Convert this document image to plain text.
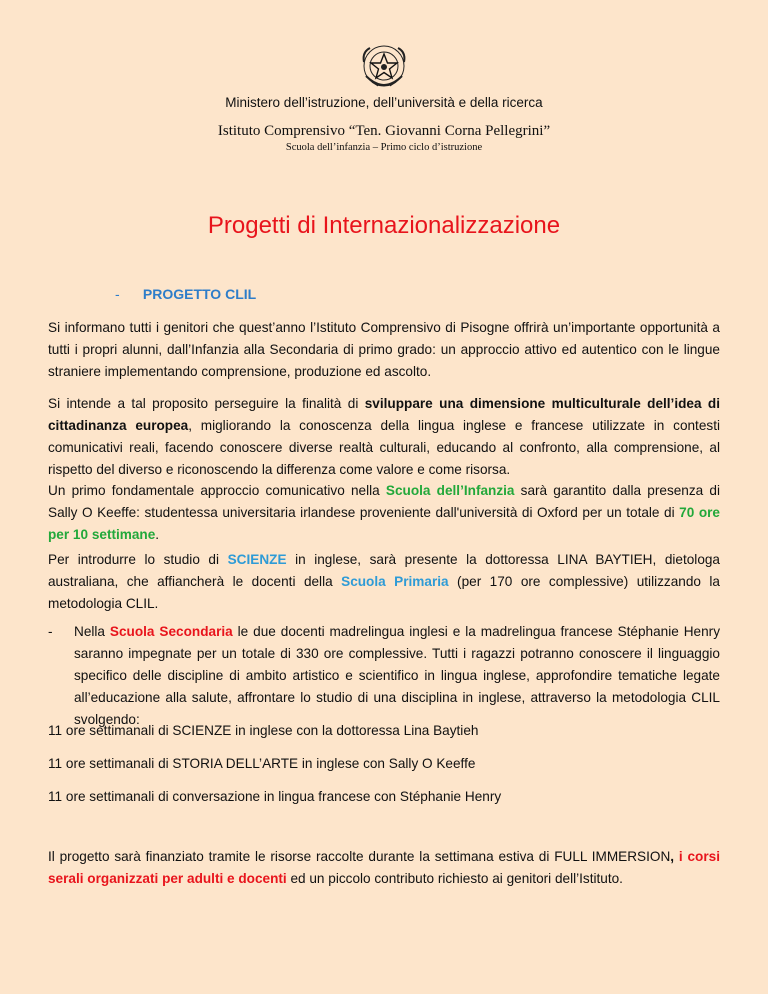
Ministero dell’istruzione, dell’università e della ricerca
Istituto Comprensivo “Ten. Giovanni Corna Pellegrini”
Scuola dell’infanzia – Primo ciclo d’istruzione
Progetti di Internazionalizzazione
- PROGETTO CLIL

Si informano tutti i genitori che quest’anno l’Istituto Comprensivo di Pisogne offrirà un’importante opportunità a tutti i propri alunni, dall’Infanzia alla Secondaria di primo grado: un approccio attivo ed autentico con le lingue straniere implementando comprensione, produzione ed ascolto.

Si intende a tal proposito perseguire la finalità di sviluppare una dimensione multiculturale dell’idea di cittadinanza europea, migliorando la conoscenza della lingua inglese e francese utilizzate in contesti comunicativi reali, facendo conoscere diverse realtà culturali, educando al confronto, alla comprensione, al rispetto del diverso e riconoscendo la differenza come valore e come risorsa.

Un primo fondamentale approccio comunicativo nella Scuola dell’Infanzia sarà garantito dalla presenza di Sally O Keeffe: studentessa universitaria irlandese proveniente dall'università di Oxford per un totale di 70 ore per 10 settimane.

Per introdurre lo studio di SCIENZE in inglese, sarà presente la dottoressa LINA BAYTIEH, dietologa australiana, che affiancherà le docenti della Scuola Primaria (per 170 ore complessive) utilizzando la metodologia CLIL.

- Nella Scuola Secondaria le due docenti madrelingua inglesi e la madrelingua francese Stéphanie Henry saranno impegnate per un totale di 330 ore complessive. Tutti i ragazzi potranno conoscere il linguaggio specifico delle discipline di ambito artistico e scientifico in lingua inglese, approfondire tematiche legate all’educazione alla salute, affrontare lo studio di una disciplina in inglese, attraverso la metodologia CLIL svolgendo:
11 ore settimanali di SCIENZE in inglese con la dottoressa Lina Baytieh
11 ore settimanali di STORIA DELL’ARTE in inglese con Sally O Keeffe
11 ore settimanali di conversazione in lingua francese con Stéphanie Henry

Il progetto sarà finanziato tramite le risorse raccolte durante la settimana estiva di FULL IMMERSION, i corsi serali organizzati per adulti e docenti ed un piccolo contributo richiesto ai genitori dell’Istituto.
